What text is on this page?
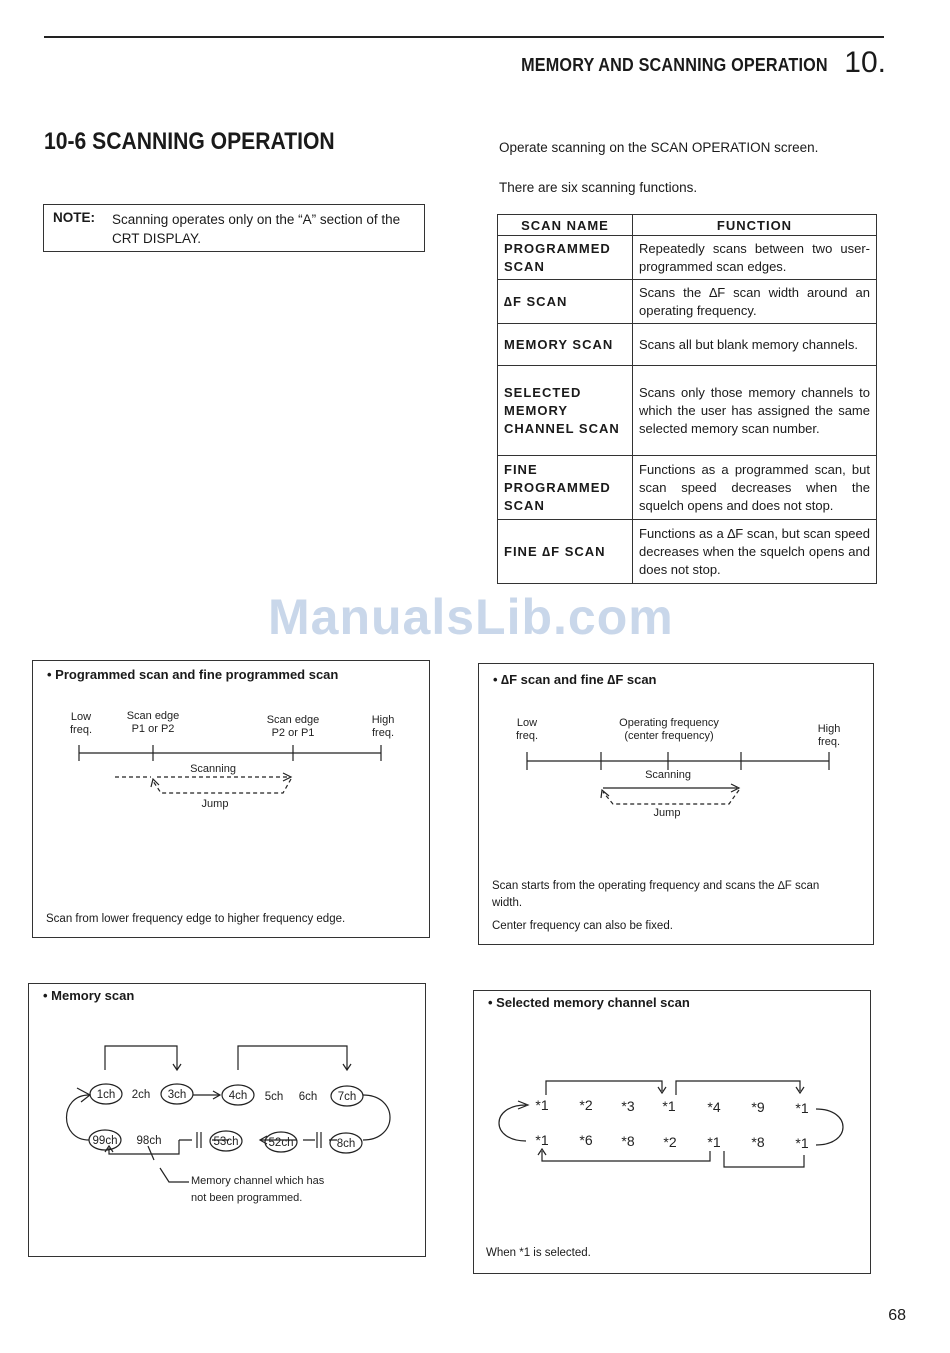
MEMORY AND SCANNING OPERATION 10.
10-6 SCANNING OPERATION	Operate scanning on the SCAN OPERATION screen.
There are six scanning functions.
NOTE: Scanning operates only on the “A” section of the CRT DISPLAY.
SCAN NAME	FUNCTION
PROGRAMMED SCAN	Repeatedly scans between two user-programmed scan edges.
∆F SCAN	Scans the ∆F scan width around an operating frequency.
MEMORY SCAN	Scans all but blank memory channels.
SELECTED MEMORY CHANNEL SCAN	Scans only those memory channels to which the user has assigned the same selected memory scan number.
FINE PROGRAMMED SCAN	Functions as a programmed scan, but scan speed decreases when the squelch opens and does not stop.
FINE ∆F SCAN	Functions as a ∆F scan, but scan speed decreases when the squelch opens and does not stop.
ManualsLib.com
• Programmed scan and fine programmed scan
Low
freq.
Scan edge
P1 or P2
Scan edge
P2 or P1
High
freq.
Scanning
Jump
Scan from lower frequency edge to higher frequency edge.
• ∆F scan and fine ∆F scan
Low
freq.
Operating frequency
(center frequency)
High
freq.
Scanning
Jump
Scan starts from the operating frequency and scans the ∆F scan width.
Center frequency can also be fixed.
• Memory scan
1ch 2ch 3ch	4ch 5ch 6ch 7ch
99ch 98ch	53ch	52ch	8ch
Memory channel which has
not been programmed.
• Selected memory channel scan
*1 *2 *3 *1 *4 *9 *1
*1 *6 *8 *2 *1 *8 *1
When *1 is selected.
68
